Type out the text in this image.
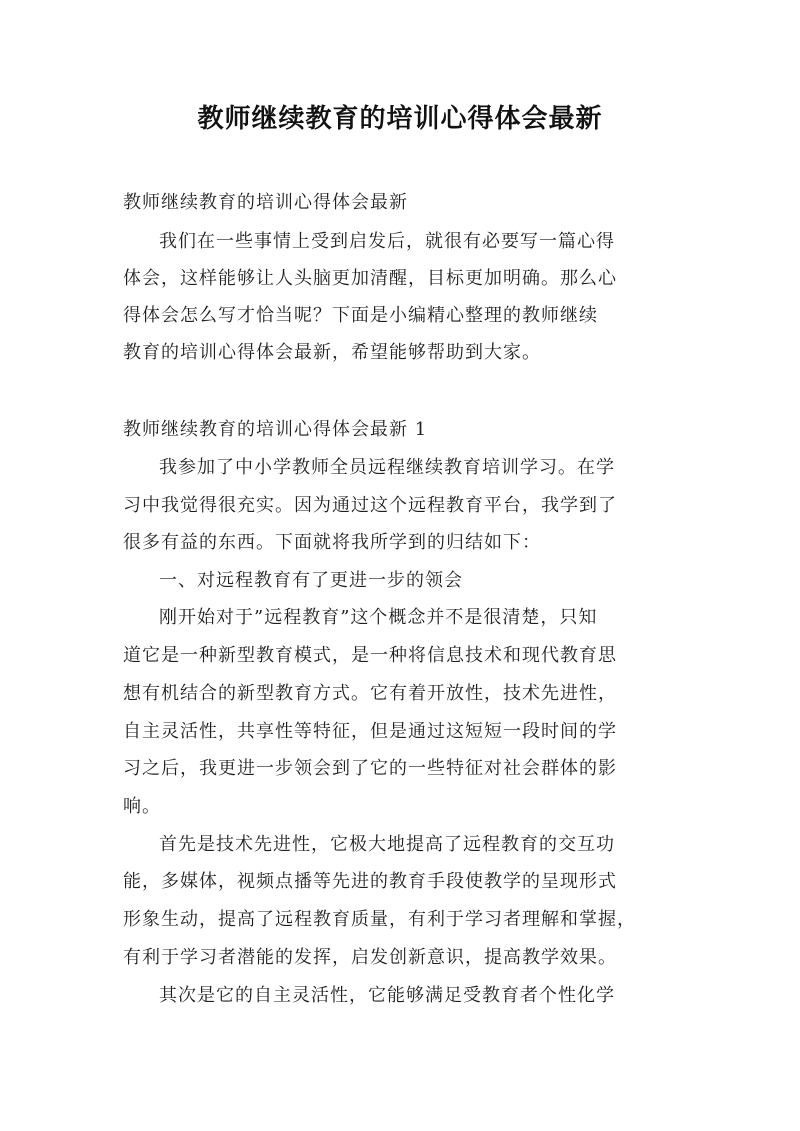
教师继续教育的培训心得体会最新
教师继续教育的培训心得体会最新
我们在一些事情上受到启发后，就很有必要写一篇心得
体会，这样能够让人头脑更加清醒，目标更加明确。那么心
得体会怎么写才恰当呢？下面是小编精心整理的教师继续
教育的培训心得体会最新，希望能够帮助到大家。
教师继续教育的培训心得体会最新 1
我参加了中小学教师全员远程继续教育培训学习。在学
习中我觉得很充实。因为通过这个远程教育平台，我学到了
很多有益的东西。下面就将我所学到的归结如下：
一、对远程教育有了更进一步的领会
刚开始对于”远程教育”这个概念并不是很清楚，只知
道它是一种新型教育模式，是一种将信息技术和现代教育思
想有机结合的新型教育方式。它有着开放性，技术先进性，
自主灵活性，共享性等特征，但是通过这短短一段时间的学
习之后，我更进一步领会到了它的一些特征对社会群体的影
响。
首先是技术先进性，它极大地提高了远程教育的交互功
能，多媒体，视频点播等先进的教育手段使教学的呈现形式
形象生动，提高了远程教育质量，有利于学习者理解和掌握，
有利于学习者潜能的发挥，启发创新意识，提高教学效果。
其次是它的自主灵活性，它能够满足受教育者个性化学
